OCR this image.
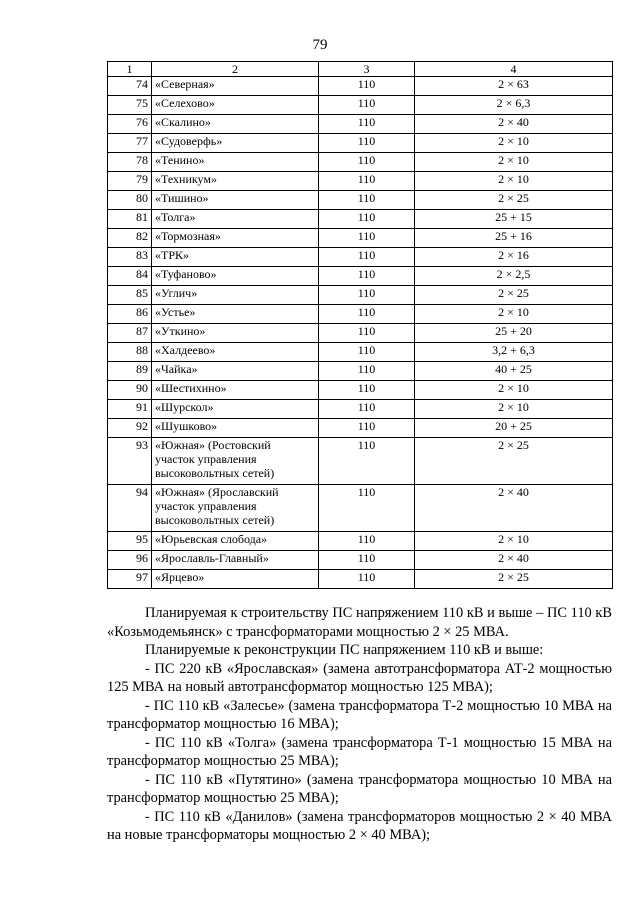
79
1	2	3	4
74	«Северная»	110	2 × 63
75	«Селехово»	110	2 × 6,3
76	«Скалино»	110	2 × 40
77	«Судоверфь»	110	2 × 10
78	«Тенино»	110	2 × 10
79	«Техникум»	110	2 × 10
80	«Тишино»	110	2 × 25
81	«Толга»	110	25 + 15
82	«Тормозная»	110	25 + 16
83	«ТРК»	110	2 × 16
84	«Туфаново»	110	2 × 2,5
85	«Углич»	110	2 × 25
86	«Устье»	110	2 × 10
87	«Уткино»	110	25 + 20
88	«Халдеево»	110	3,2 + 6,3
89	«Чайка»	110	40 + 25
90	«Шестихино»	110	2 × 10
91	«Шурскол»	110	2 × 10
92	«Шушково»	110	20 + 25
93	«Южная» (Ростовский участок управления высоковольтных сетей)	110	2 × 25
94	«Южная» (Ярославский участок управления высоковольтных сетей)	110	2 × 40
95	«Юрьевская слобода»	110	2 × 10
96	«Ярославль-Главный»	110	2 × 40
97	«Ярцево»	110	2 × 25

Планируемая к строительству ПС напряжением 110 кВ и выше – ПС 110 кВ «Козьмодемьянск» с трансформаторами мощностью 2 × 25 МВА.

Планируемые к реконструкции ПС напряжением 110 кВ и выше:

- ПС 220 кВ «Ярославская» (замена автотрансформатора АТ-2 мощностью 125 МВА на новый автотрансформатор мощностью 125 МВА);

- ПС 110 кВ «Залесье» (замена трансформатора Т-2 мощностью 10 МВА на трансформатор мощностью 16 МВА);

- ПС 110 кВ «Толга» (замена трансформатора Т-1 мощностью 15 МВА на трансформатор мощностью 25 МВА);

- ПС 110 кВ «Путятино» (замена трансформатора мощностью 10 МВА на трансформатор мощностью 25 МВА);

- ПС 110 кВ «Данилов» (замена трансформаторов мощностью 2 × 40 МВА на новые трансформаторы мощностью 2 × 40 МВА);
